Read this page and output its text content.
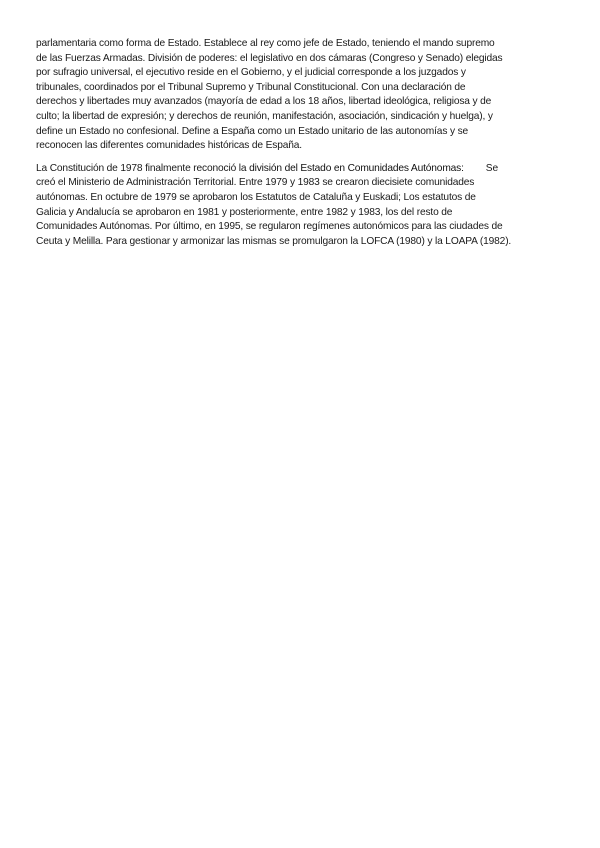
parlamentaria como forma de Estado. Establece al rey como jefe de Estado, teniendo el mando supremo
de las Fuerzas Armadas. División de poderes: el legislativo en dos cámaras (Congreso y Senado) elegidas
por sufragio universal, el ejecutivo reside en el Gobierno, y el judicial corresponde a los juzgados y
tribunales, coordinados por el Tribunal Supremo y Tribunal Constitucional. Con una declaración de
derechos y libertades muy avanzados (mayoría de edad a los 18 años, libertad ideológica, religiosa y de
culto; la libertad de expresión; y derechos de reunión, manifestación, asociación, sindicación y huelga), y
define un Estado no confesional. Define a España como un Estado unitario de las autonomías y se
reconocen las diferentes comunidades históricas de España.

La Constitución de 1978 finalmente reconoció la división del Estado en Comunidades Autónomas: Se
creó el Ministerio de Administración Territorial. Entre 1979 y 1983 se crearon diecisiete comunidades
autónomas. En octubre de 1979 se aprobaron los Estatutos de Cataluña y Euskadi; Los estatutos de
Galicia y Andalucía se aprobaron en 1981 y posteriormente, entre 1982 y 1983, los del resto de
Comunidades Autónomas. Por último, en 1995, se regularon regímenes autonómicos para las ciudades de
Ceuta y Melilla. Para gestionar y armonizar las mismas se promulgaron la LOFCA (1980) y la LOAPA (1982).
